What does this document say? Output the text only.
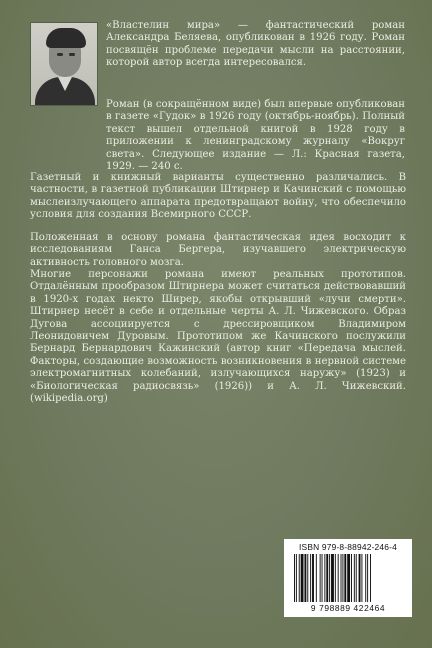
«Властелин мира» — фантастический роман Александра Беляева, опубликован в 1926 году. Роман посвящён проблеме передачи мысли на расстоянии, которой автор всегда интересовался.
Роман (в сокращённом виде) был впервые опубликован в газете «Гудок» в 1926 году (октябрь-ноябрь). Полный текст вышел отдельной книгой в 1928 году в приложении к ленинградскому журналу «Вокруг света». Следующее издание — Л.: Красная газета, 1929. — 240 с.
Газетный и книжный варианты существенно различались. В частности, в газетной публикации Штирнер и Качинский с помощью мыслеизлучающего аппарата предотвращают войну, что обеспечило условия для создания Всемирного СССР.
Положенная в основу романа фантастическая идея восходит к исследованиям Ганса Бергера, изучавшего электрическую активность головного мозга.
Многие персонажи романа имеют реальных прототипов. Отдалённым прообразом Штирнера может считаться действовавший в 1920-х годах некто Ширер, якобы открывший «лучи смерти». Штирнер несёт в себе и отдельные черты А. Л. Чижевского. Образ Дугова ассоциируется с дрессировщиком Владимиром Леонидовичем Дуровым. Прототипом же Качинского послужили Бернард Бернардович Кажинский (автор книг «Передача мыслей. Факторы, создающие возможность возникновения в нервной системе электромагнитных колебаний, излучающихся наружу» (1923) и «Биологическая радиосвязь» (1926)) и А. Л. Чижевский. (wikipedia.org)
ISBN 979-8-88942-246-4
9 798889 422464
